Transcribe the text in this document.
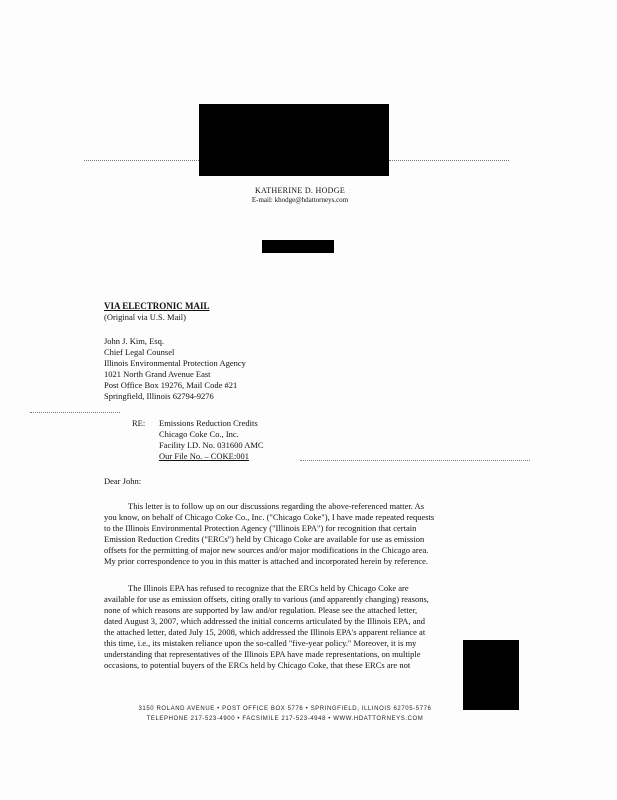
KATHERINE D. HODGE
E-mail: khodge@hdattorneys.com
VIA ELECTRONIC MAIL
(Original via U.S. Mail)
John J. Kim, Esq.
Chief Legal Counsel
Illinois Environmental Protection Agency
1021 North Grand Avenue East
Post Office Box 19276, Mail Code #21
Springfield, Illinois 62794-9276
RE: Emissions Reduction Credits
Chicago Coke Co., Inc.
Facility I.D. No. 031600 AMC
Our File No. – COKE:001
Dear John:
This letter is to follow up on our discussions regarding the above-referenced matter. As
you know, on behalf of Chicago Coke Co., Inc. ("Chicago Coke"), I have made repeated requests
to the Illinois Environmental Protection Agency ("Illinois EPA") for recognition that certain
Emission Reduction Credits ("ERCs") held by Chicago Coke are available for use as emission
offsets for the permitting of major new sources and/or major modifications in the Chicago area.
My prior correspondence to you in this matter is attached and incorporated herein by reference.
The Illinois EPA has refused to recognize that the ERCs held by Chicago Coke are
available for use as emission offsets, citing orally to various (and apparently changing) reasons,
none of which reasons are supported by law and/or regulation. Please see the attached letter,
dated August 3, 2007, which addressed the initial concerns articulated by the Illinois EPA, and
the attached letter, dated July 15, 2008, which addressed the Illinois EPA's apparent reliance at
this time, i.e., its mistaken reliance upon the so-called "five-year policy." Moreover, it is my
understanding that representatives of the Illinois EPA have made representations, on multiple
occasions, to potential buyers of the ERCs held by Chicago Coke, that these ERCs are not
3150 ROLAND AVENUE • POST OFFICE BOX 5776 • SPRINGFIELD, ILLINOIS 62705-5776
TELEPHONE 217-523-4900 • FACSIMILE 217-523-4948 • WWW.HDATTORNEYS.COM
